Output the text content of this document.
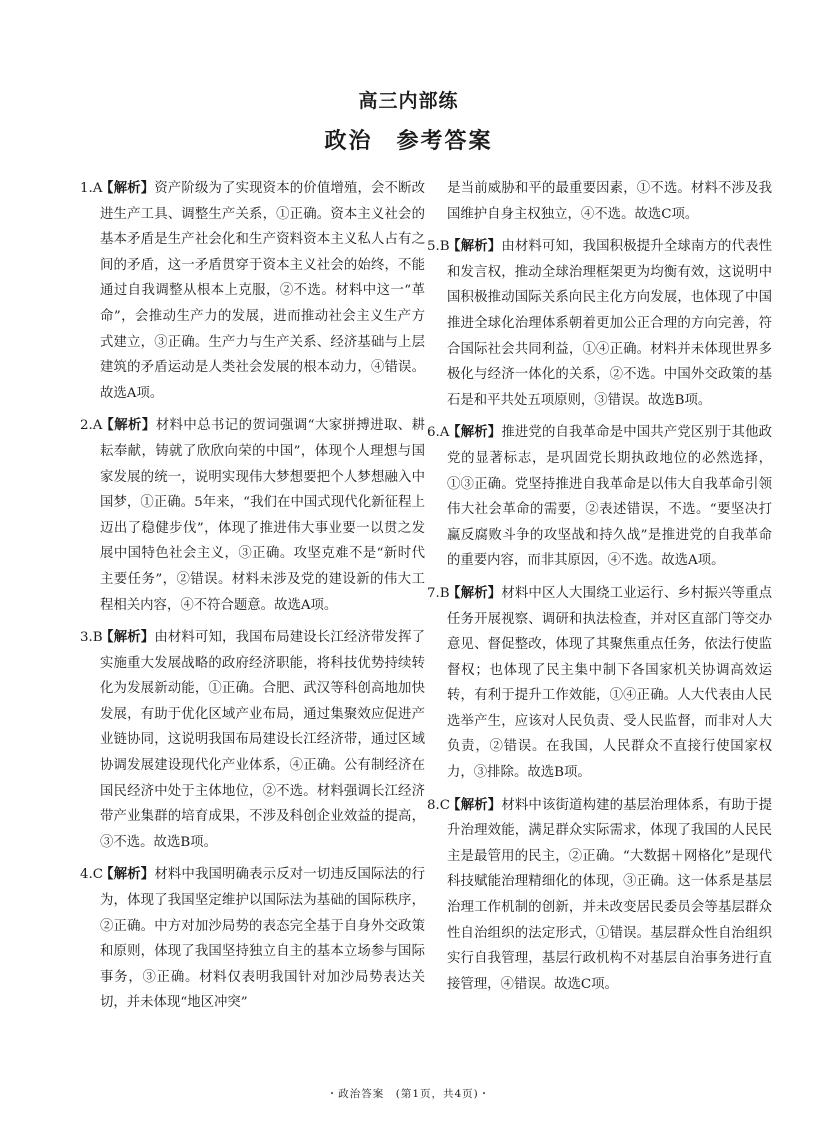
高三内部练
政治　参考答案

1.A【解析】资产阶级为了实现资本的价值增殖，会不断改进生产工具、调整生产关系，①正确。资本主义社会的基本矛盾是生产社会化和生产资料资本主义私人占有之间的矛盾，这一矛盾贯穿于资本主义社会的始终，不能通过自我调整从根本上克服，②不选。材料中这一“革命”，会推动生产力的发展，进而推动社会主义生产方式建立，③正确。生产力与生产关系、经济基础与上层建筑的矛盾运动是人类社会发展的根本动力，④错误。故选A项。

2.A【解析】材料中总书记的贺词强调“大家拼搏进取、耕耘奉献，铸就了欣欣向荣的中国”，体现个人理想与国家发展的统一，说明实现伟大梦想要把个人梦想融入中国梦，①正确。5年来，“我们在中国式现代化新征程上迈出了稳健步伐”，体现了推进伟大事业要一以贯之发展中国特色社会主义，③正确。攻坚克难不是“新时代主要任务”，②错误。材料未涉及党的建设新的伟大工程相关内容，④不符合题意。故选A项。

3.B【解析】由材料可知，我国布局建设长江经济带发挥了实施重大发展战略的政府经济职能，将科技优势持续转化为发展新动能，①正确。合肥、武汉等科创高地加快发展，有助于优化区域产业布局，通过集聚效应促进产业链协同，这说明我国布局建设长江经济带，通过区域协调发展建设现代化产业体系，④正确。公有制经济在国民经济中处于主体地位，②不选。材料强调长江经济带产业集群的培育成果，不涉及科创企业效益的提高，③不选。故选B项。

4.C【解析】材料中我国明确表示反对一切违反国际法的行为，体现了我国坚定维护以国际法为基础的国际秩序，②正确。中方对加沙局势的表态完全基于自身外交政策和原则，体现了我国坚持独立自主的基本立场参与国际事务，③正确。材料仅表明我国针对加沙局势表达关切，并未体现“地区冲突”

是当前威胁和平的最重要因素，①不选。材料不涉及我国维护自身主权独立，④不选。故选C项。

5.B【解析】由材料可知，我国积极提升全球南方的代表性和发言权，推动全球治理框架更为均衡有效，这说明中国积极推动国际关系向民主化方向发展，也体现了中国推进全球化治理体系朝着更加公正合理的方向完善，符合国际社会共同利益，①④正确。材料并未体现世界多极化与经济一体化的关系，②不选。中国外交政策的基石是和平共处五项原则，③错误。故选B项。

6.A【解析】推进党的自我革命是中国共产党区别于其他政党的显著标志，是巩固党长期执政地位的必然选择，①③正确。党坚持推进自我革命是以伟大自我革命引领伟大社会革命的需要，②表述错误，不选。“要坚决打赢反腐败斗争的攻坚战和持久战”是推进党的自我革命的重要内容，而非其原因，④不选。故选A项。

7.B【解析】材料中区人大围绕工业运行、乡村振兴等重点任务开展视察、调研和执法检查，并对区直部门等交办意见、督促整改，体现了其聚焦重点任务，依法行使监督权；也体现了民主集中制下各国家机关协调高效运转，有利于提升工作效能，①④正确。人大代表由人民选举产生，应该对人民负责、受人民监督，而非对人大负责，②错误。在我国，人民群众不直接行使国家权力，③排除。故选B项。

8.C【解析】材料中该街道构建的基层治理体系，有助于提升治理效能，满足群众实际需求，体现了我国的人民民主是最管用的民主，②正确。“大数据＋网格化”是现代科技赋能治理精细化的体现，③正确。这一体系是基层治理工作机制的创新，并未改变居民委员会等基层群众性自治组织的法定形式，①错误。基层群众性自治组织实行自我管理，基层行政机构不对基层自治事务进行直接管理，④错误。故选C项。

・政治答案　(第1页，共4页)・
